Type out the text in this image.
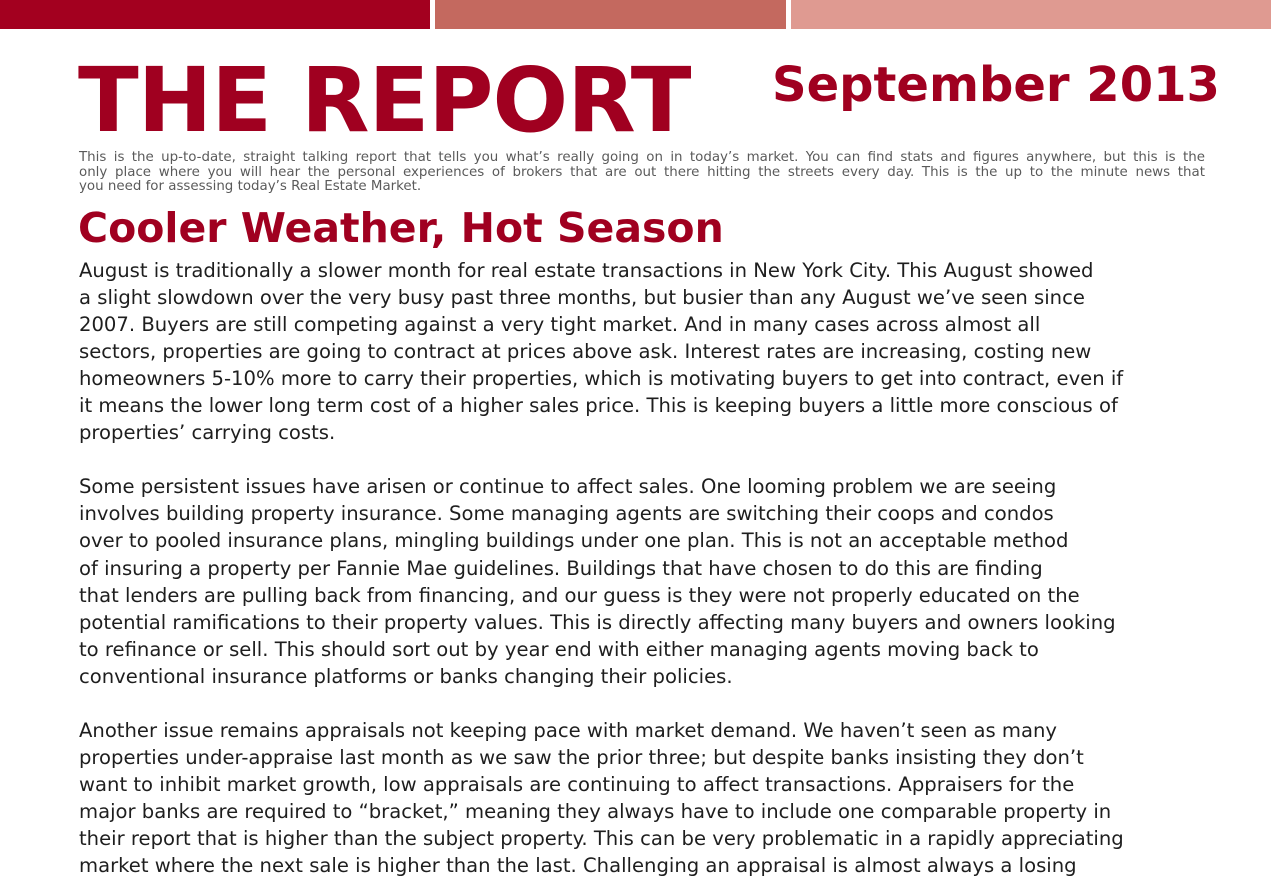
THE REPORT September 2013

This is the up-to-date, straight talking report that tells you what’s really going on in today’s market. You can find stats and figures anywhere, but this is the
only place where you will hear the personal experiences of brokers that are out there hitting the streets every day. This is the up to the minute news that
you need for assessing today’s Real Estate Market.

Cooler Weather, Hot Season

August is traditionally a slower month for real estate transactions in New York City. This August showed
a slight slowdown over the very busy past three months, but busier than any August we’ve seen since
2007. Buyers are still competing against a very tight market. And in many cases across almost all
sectors, properties are going to contract at prices above ask. Interest rates are increasing, costing new
homeowners 5-10% more to carry their properties, which is motivating buyers to get into contract, even if
it means the lower long term cost of a higher sales price. This is keeping buyers a little more conscious of
properties’ carrying costs.

Some persistent issues have arisen or continue to affect sales. One looming problem we are seeing
involves building property insurance. Some managing agents are switching their coops and condos
over to pooled insurance plans, mingling buildings under one plan. This is not an acceptable method
of insuring a property per Fannie Mae guidelines. Buildings that have chosen to do this are finding
that lenders are pulling back from financing, and our guess is they were not properly educated on the
potential ramifications to their property values. This is directly affecting many buyers and owners looking
to refinance or sell. This should sort out by year end with either managing agents moving back to
conventional insurance platforms or banks changing their policies.

Another issue remains appraisals not keeping pace with market demand. We haven’t seen as many
properties under-appraise last month as we saw the prior three; but despite banks insisting they don’t
want to inhibit market growth, low appraisals are continuing to affect transactions. Appraisers for the
major banks are required to “bracket,” meaning they always have to include one comparable property in
their report that is higher than the subject property. This can be very problematic in a rapidly appreciating
market where the next sale is higher than the last. Challenging an appraisal is almost always a losing
